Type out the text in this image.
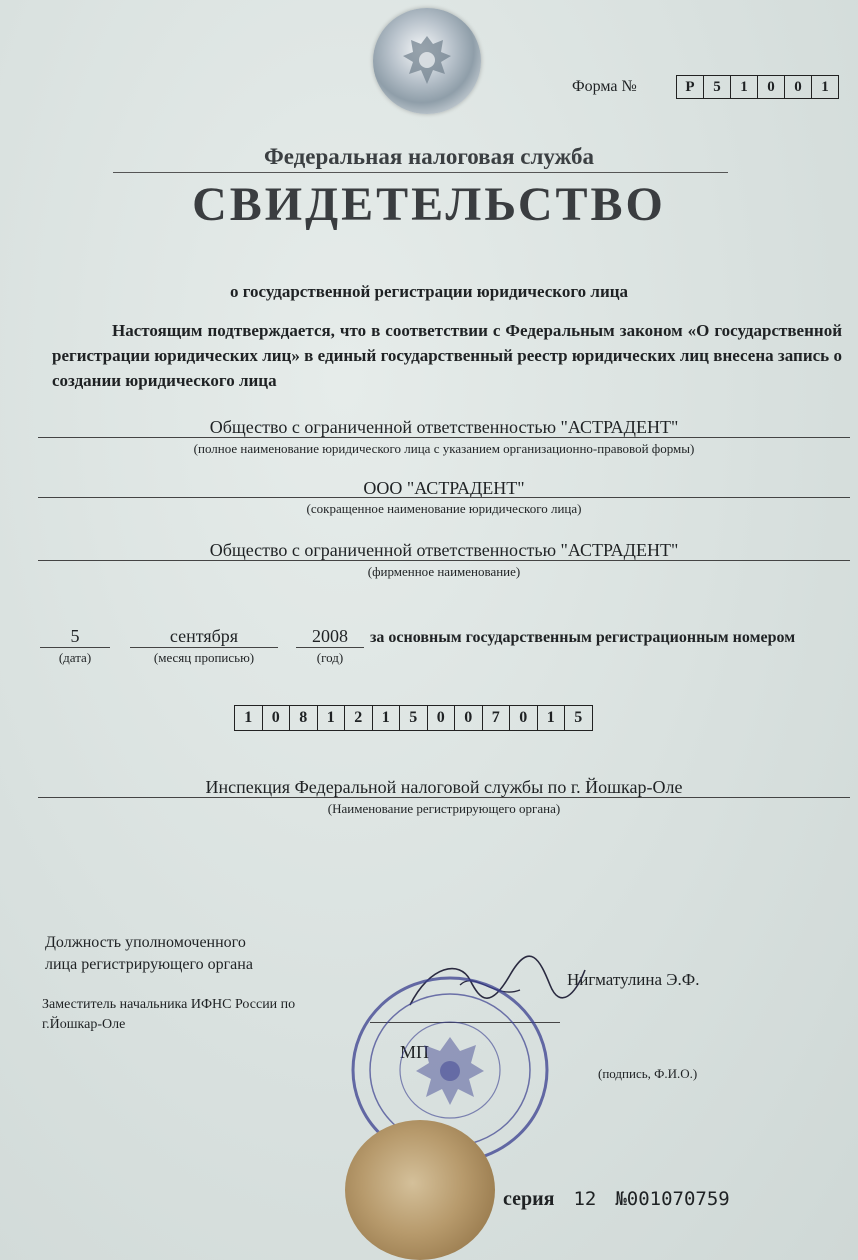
Форма №	Р	5	1	0	0	1
Федеральная налоговая служба
СВИДЕТЕЛЬСТВО
о государственной регистрации юридического лица
Настоящим подтверждается, что в соответствии с Федеральным законом «О государственной регистрации юридических лиц» в единый государственный реестр юридических лиц внесена запись о создании юридического лица
Общество с ограниченной ответственностью "АСТРАДЕНТ"
(полное наименование юридического лица с указанием организационно-правовой формы)
ООО "АСТРАДЕНТ"
(сокращенное наименование юридического лица)
Общество с ограниченной ответственностью "АСТРАДЕНТ"
(фирменное наименование)
5
(дата)
сентября
(месяц прописью)
2008
(год)
за основным государственным регистрационным номером
1	0	8	1	2	1	5	0	0	7	0	1	5
Инспекция Федеральной налоговой службы по г. Йошкар-Оле
(Наименование регистрирующего органа)
Должность уполномоченного
лица регистрирующего органа
Заместитель начальника ИФНС России по
г.Йошкар-Оле
Нигматулина Э.Ф.
МП
(подпись, Ф.И.О.)
серия 12 №001070759
